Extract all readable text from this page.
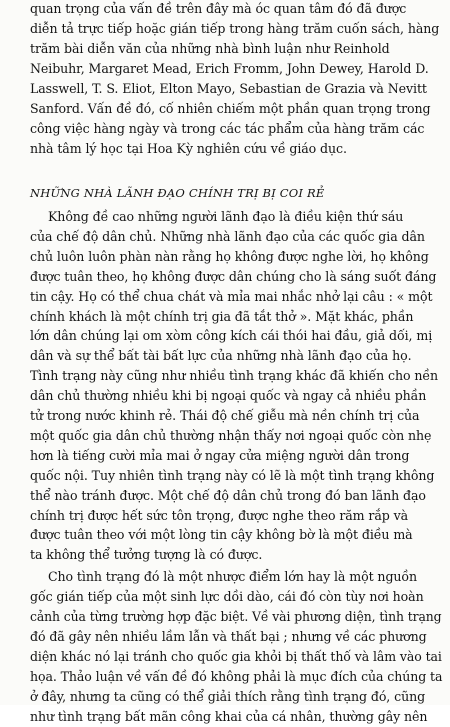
quan trọng của vấn đề trên đây mà óc quan tâm đó đã được
diễn tả trực tiếp hoặc gián tiếp trong hàng trăm cuốn sách, hàng
trăm bài diễn văn của những nhà bình luận như Reinhold
Neibuhr, Margaret Mead, Erich Fromm, John Dewey, Harold D.
Lasswell, T. S. Eliot, Elton Mayo, Sebastian de Grazia và Nevitt
Sanford. Vấn đề đó, cố nhiên chiếm một phần quan trọng trong
công việc hàng ngày và trong các tác phẩm của hàng trăm các
nhà tâm lý học tại Hoa Kỳ nghiên cứu về giáo dục.
NHỮNG NHÀ LÃNH ĐẠO CHÍNH TRỊ BỊ COI RẺ
Không đề cao những người lãnh đạo là điều kiện thứ sáu
của chế độ dân chủ. Những nhà lãnh đạo của các quốc gia dân
chủ luôn luôn phàn nàn rằng họ không được nghe lời, họ không
được tuân theo, họ không được dân chúng cho là sáng suốt đáng
tin cậy. Họ có thể chua chát và mỉa mai nhắc nhở lại câu : « một
chính khách là một chính trị gia đã tắt thở ». Mặt khác, phần
lớn dân chúng lại om xòm công kích cái thói hai đầu, giả dối, mị
dân và sự thể bất tài bất lực của những nhà lãnh đạo của họ.
Tình trạng này cũng như nhiều tình trạng khác đã khiến cho nền
dân chủ thường nhiều khi bị ngoại quốc và ngay cả nhiều phần
tử trong nước khinh rẻ. Thái độ chế giễu mà nền chính trị của
một quốc gia dân chủ thường nhận thấy nơi ngoại quốc còn nhẹ
hơn là tiếng cười mỉa mai ở ngay cửa miệng người dân trong
quốc nội. Tuy nhiên tình trạng này có lẽ là một tình trạng không
thể nào tránh được. Một chế độ dân chủ trong đó ban lãnh đạo
chính trị được hết sức tôn trọng, được nghe theo răm rắp và
được tuân theo với một lòng tin cậy không bờ là một điều mà
ta không thể tưởng tượng là có được.
Cho tình trạng đó là một nhược điểm lớn hay là một nguồn
gốc gián tiếp của một sinh lực dồi dào, cái đó còn tùy nơi hoàn
cảnh của từng trường hợp đặc biệt. Về vài phương diện, tình trạng
đó đã gây nên nhiều lầm lẫn và thất bại ; nhưng về các phương
diện khác nó lại tránh cho quốc gia khỏi bị thất thố và lâm vào tai
họa. Thảo luận về vấn đề đó không phải là mục đích của chúng ta
ở đây, nhưng ta cũng có thể giải thích rằng tình trạng đó, cũng
như tình trạng bất mãn công khai của cá nhân, thường gây nên
